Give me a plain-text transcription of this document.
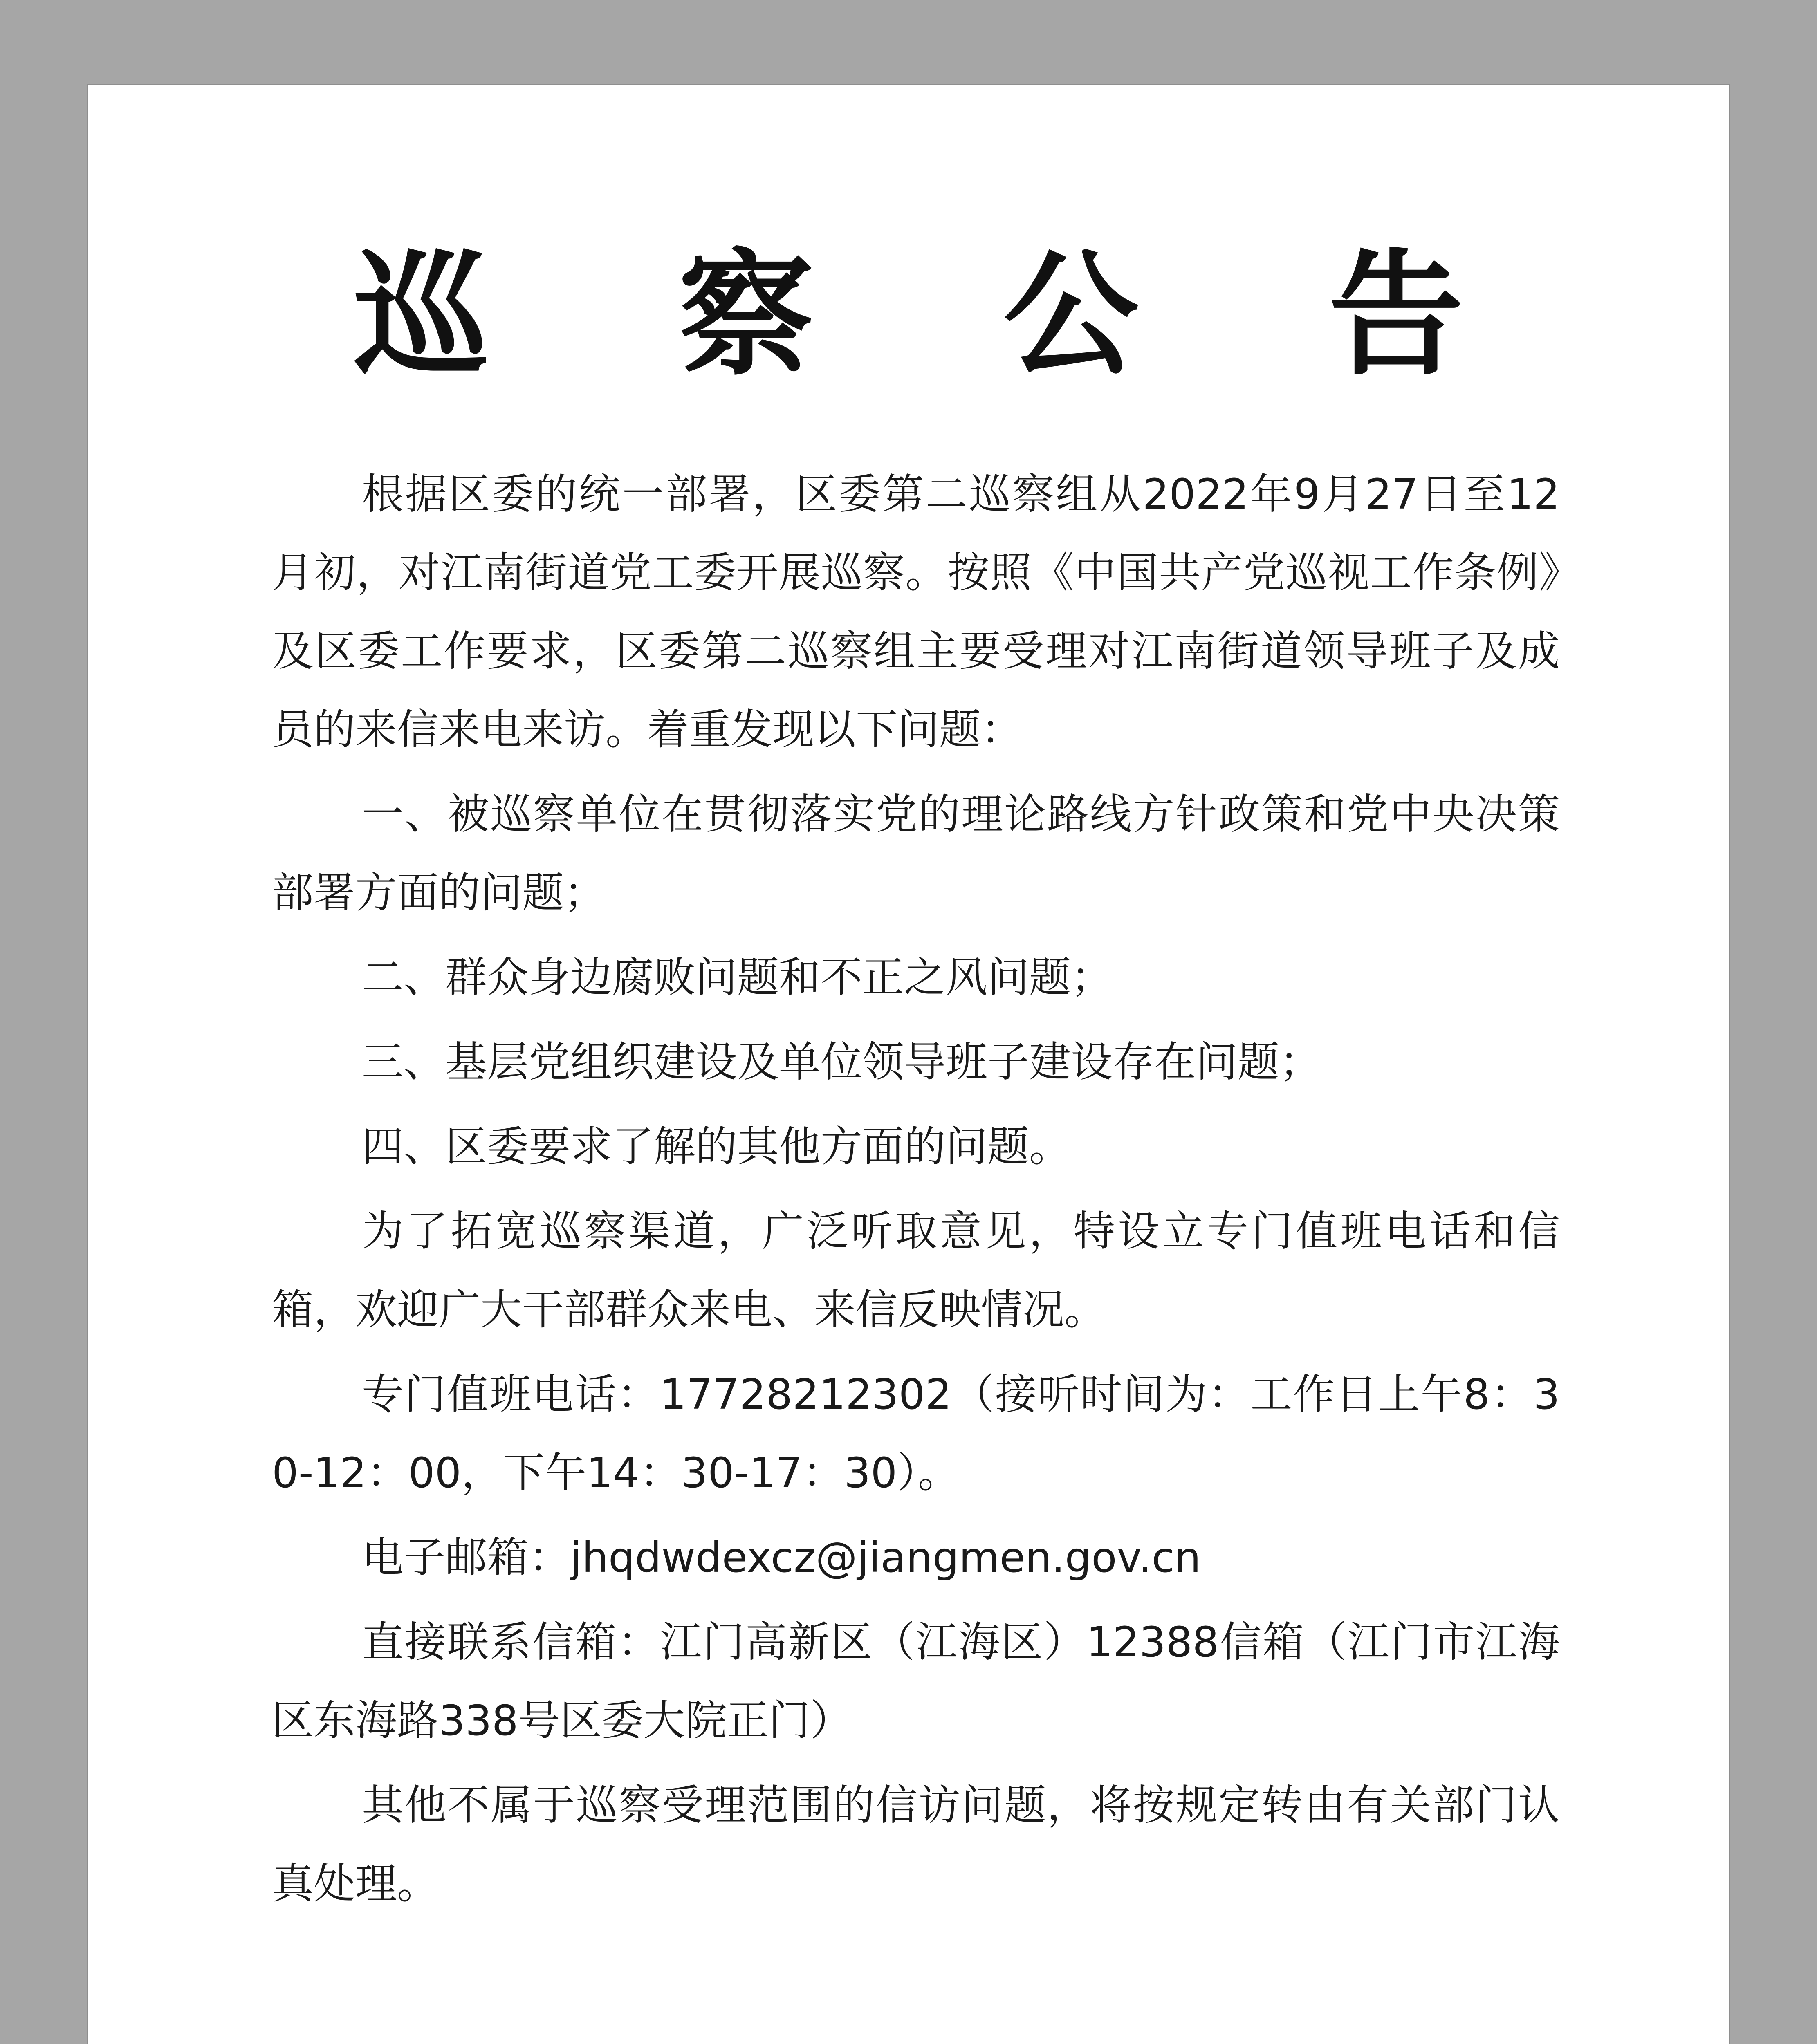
巡 察 公 告

根据区委的统一部署，区委第二巡察组从2022年9月27日至12月初，对江南街道党工委开展巡察。按照《中国共产党巡视工作条例》及区委工作要求，区委第二巡察组主要受理对江南街道领导班子及成员的来信来电来访。着重发现以下问题：

一、被巡察单位在贯彻落实党的理论路线方针政策和党中央决策部署方面的问题；

二、群众身边腐败问题和不正之风问题；

三、基层党组织建设及单位领导班子建设存在问题；

四、区委要求了解的其他方面的问题。

为了拓宽巡察渠道，广泛听取意见，特设立专门值班电话和信箱，欢迎广大干部群众来电、来信反映情况。

专门值班电话：17728212302（接听时间为：工作日上午8：30-12：00，下午14：30-17：30）。

电子邮箱：jhqdwdexcz@jiangmen.gov.cn

直接联系信箱：江门高新区（江海区）12388信箱（江门市江海区东海路338号区委大院正门）

其他不属于巡察受理范围的信访问题，将按规定转由有关部门认真处理。
